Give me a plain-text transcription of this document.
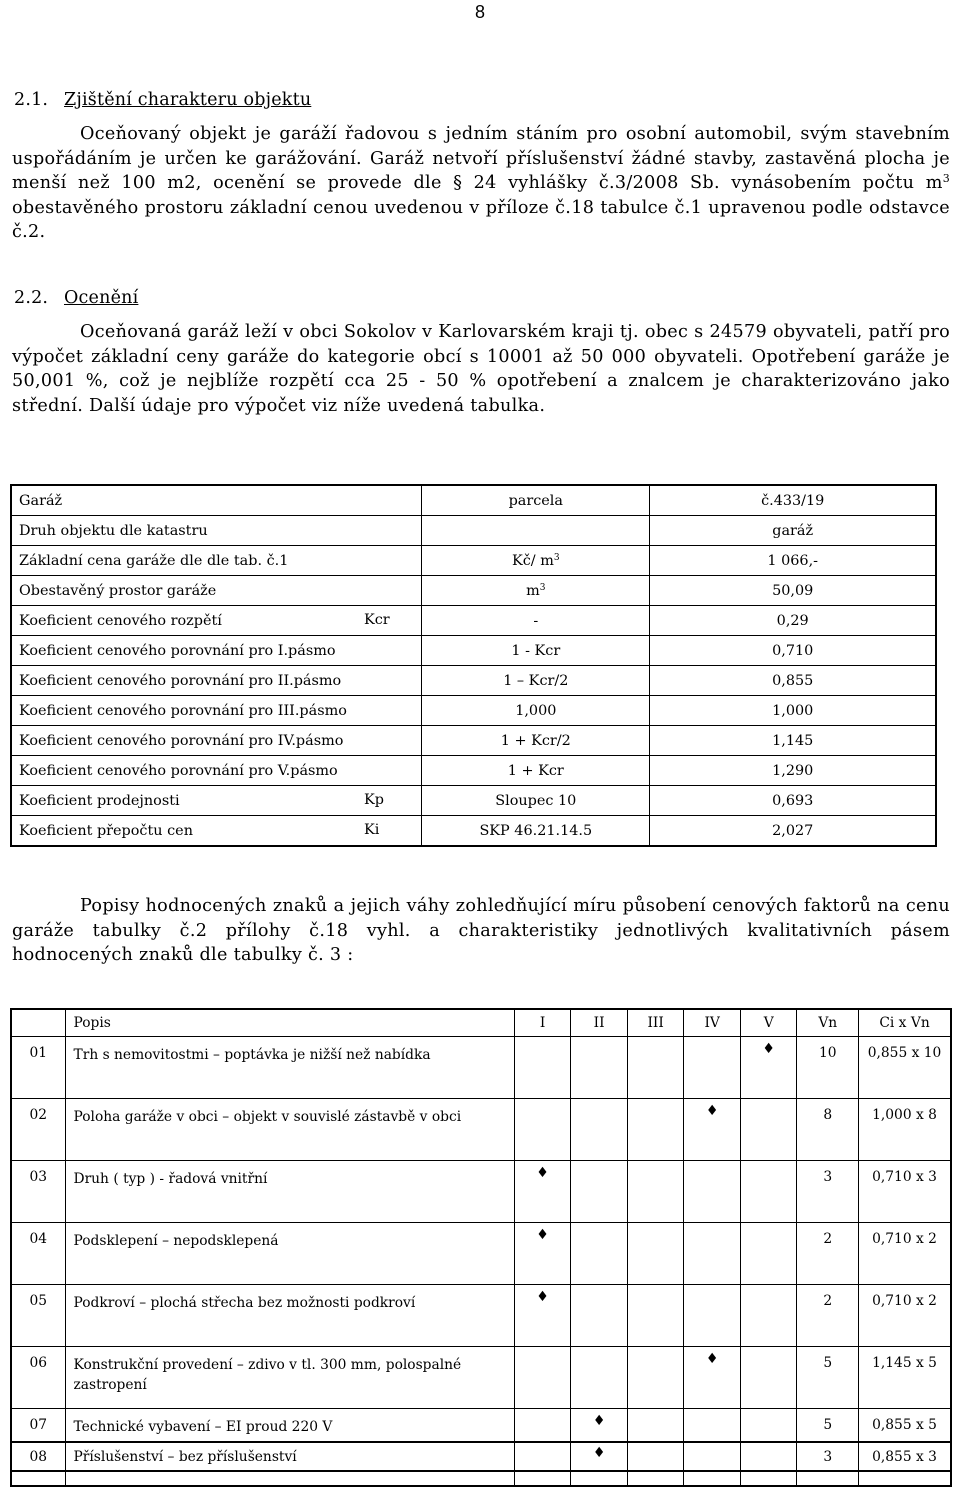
8
2.1. Zjištění charakteru objektu
Oceňovaný objekt je garáží řadovou s jedním stáním pro osobní automobil, svým stavebním uspořádáním je určen ke garážování. Garáž netvoří příslušenství žádné stavby, zastavěná plocha je menší než 100 m2, ocenění se provede dle § 24 vyhlášky č.3/2008 Sb. vynásobením počtu $m^3$ obestavěného prostoru základní cenou uvedenou v příloze č.18 tabulce č.1 upravenou podle odstavce č.2.
2.2. Ocenění
Oceňovaná garáž leží v obci Sokolov v Karlovarském kraji tj. obec s 24579 obyvateli, patří pro výpočet základní ceny garáže do kategorie obcí s 10001 až 50 000 obyvateli. Opotřebení garáže je 50,001 %, což je nejblíže rozpětí cca 25 - 50 % opotřebení a znalcem je charakterizováno jako střední. Další údaje pro výpočet viz níže uvedená tabulka.
Garáž	parcela	č.433/19
Druh objektu dle katastru		garáž
Základní cena garáže dle dle tab. č.1	Kč/ $m^3$	1 066,-
Obestavěný prostor garáže	$m^3$	50,09
Koeficient cenového rozpětí Kcr	-	0,29
Koeficient cenového porovnání pro I.pásmo	1 - Kcr	0,710
Koeficient cenového porovnání pro II.pásmo	1 – Kcr/2	0,855
Koeficient cenového porovnání pro III.pásmo	1,000	1,000
Koeficient cenového porovnání pro IV.pásmo	1 + Kcr/2	1,145
Koeficient cenového porovnání pro V.pásmo	1 + Kcr	1,290
Koeficient prodejnosti Kp	Sloupec 10	0,693
Koeficient přepočtu cen Ki	SKP 46.21.14.5	2,027
Popisy hodnocených znaků a jejich váhy zohledňující míru působení cenových faktorů na cenu garáže tabulky č.2 přílohy č.18 vyhl. a charakteristiky jednotlivých kvalitativních pásem hodnocených znaků dle tabulky č. 3 :
	Popis	I	II	III	IV	V	Vn	Ci x Vn
01	Trh s nemovitostmi – poptávka je nižší než nabídka					♦	10	0,855 x 10
02	Poloha garáže v obci – objekt v souvislé zástavbě v obci				♦		8	1,000 x 8
03	Druh ( typ ) - řadová vnitřní	♦					3	0,710 x 3
04	Podsklepení – nepodsklepená	♦					2	0,710 x 2
05	Podkroví – plochá střecha bez možnosti podkroví	♦					2	0,710 x 2
06	Konstrukční provedení – zdivo v tl. 300 mm, polospalné zastropení				♦		5	1,145 x 5
07	Technické vybavení – EI proud 220 V		♦				5	0,855 x 5
08	Příslušenství – bez příslušenství		♦				3	0,855 x 3
